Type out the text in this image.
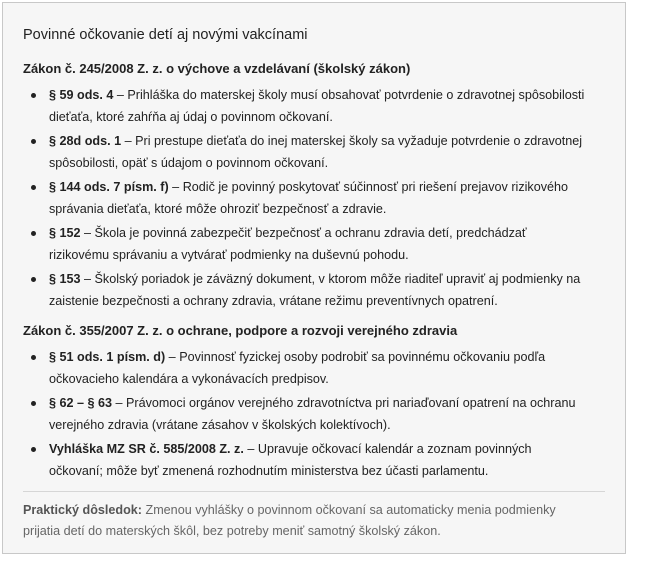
Povinné očkovanie detí aj novými vakcínami
Zákon č. 245/2008 Z. z. o výchove a vzdelávaní (školský zákon)
§ 59 ods. 4 – Prihláška do materskej školy musí obsahovať potvrdenie o zdravotnej spôsobilosti dieťaťa, ktoré zahŕňa aj údaj o povinnom očkovaní.
§ 28d ods. 1 – Pri prestupe dieťaťa do inej materskej školy sa vyžaduje potvrdenie o zdravotnej spôsobilosti, opäť s údajom o povinnom očkovaní.
§ 144 ods. 7 písm. f) – Rodič je povinný poskytovať súčinnosť pri riešení prejavov rizikového správania dieťaťa, ktoré môže ohroziť bezpečnosť a zdravie.
§ 152 – Škola je povinná zabezpečiť bezpečnosť a ochranu zdravia detí, predchádzať rizikovému správaniu a vytvárať podmienky na duševnú pohodu.
§ 153 – Školský poriadok je záväzný dokument, v ktorom môže riaditeľ upraviť aj podmienky na zaistenie bezpečnosti a ochrany zdravia, vrátane režimu preventívnych opatrení.
Zákon č. 355/2007 Z. z. o ochrane, podpore a rozvoji verejného zdravia
§ 51 ods. 1 písm. d) – Povinnosť fyzickej osoby podrobiť sa povinnému očkovaniu podľa očkovacieho kalendára a vykonávacích predpisov.
§ 62 – § 63 – Právomoci orgánov verejného zdravotníctva pri nariaďovaní opatrení na ochranu verejného zdravia (vrátane zásahov v školských kolektívoch).
Vyhláška MZ SR č. 585/2008 Z. z. – Upravuje očkovací kalendár a zoznam povinných očkovaní; môže byť zmenená rozhodnutím ministerstva bez účasti parlamentu.
Praktický dôsledok: Zmenou vyhlášky o povinnom očkovaní sa automaticky menia podmienky prijatia detí do materských škôl, bez potreby meniť samotný školský zákon.
